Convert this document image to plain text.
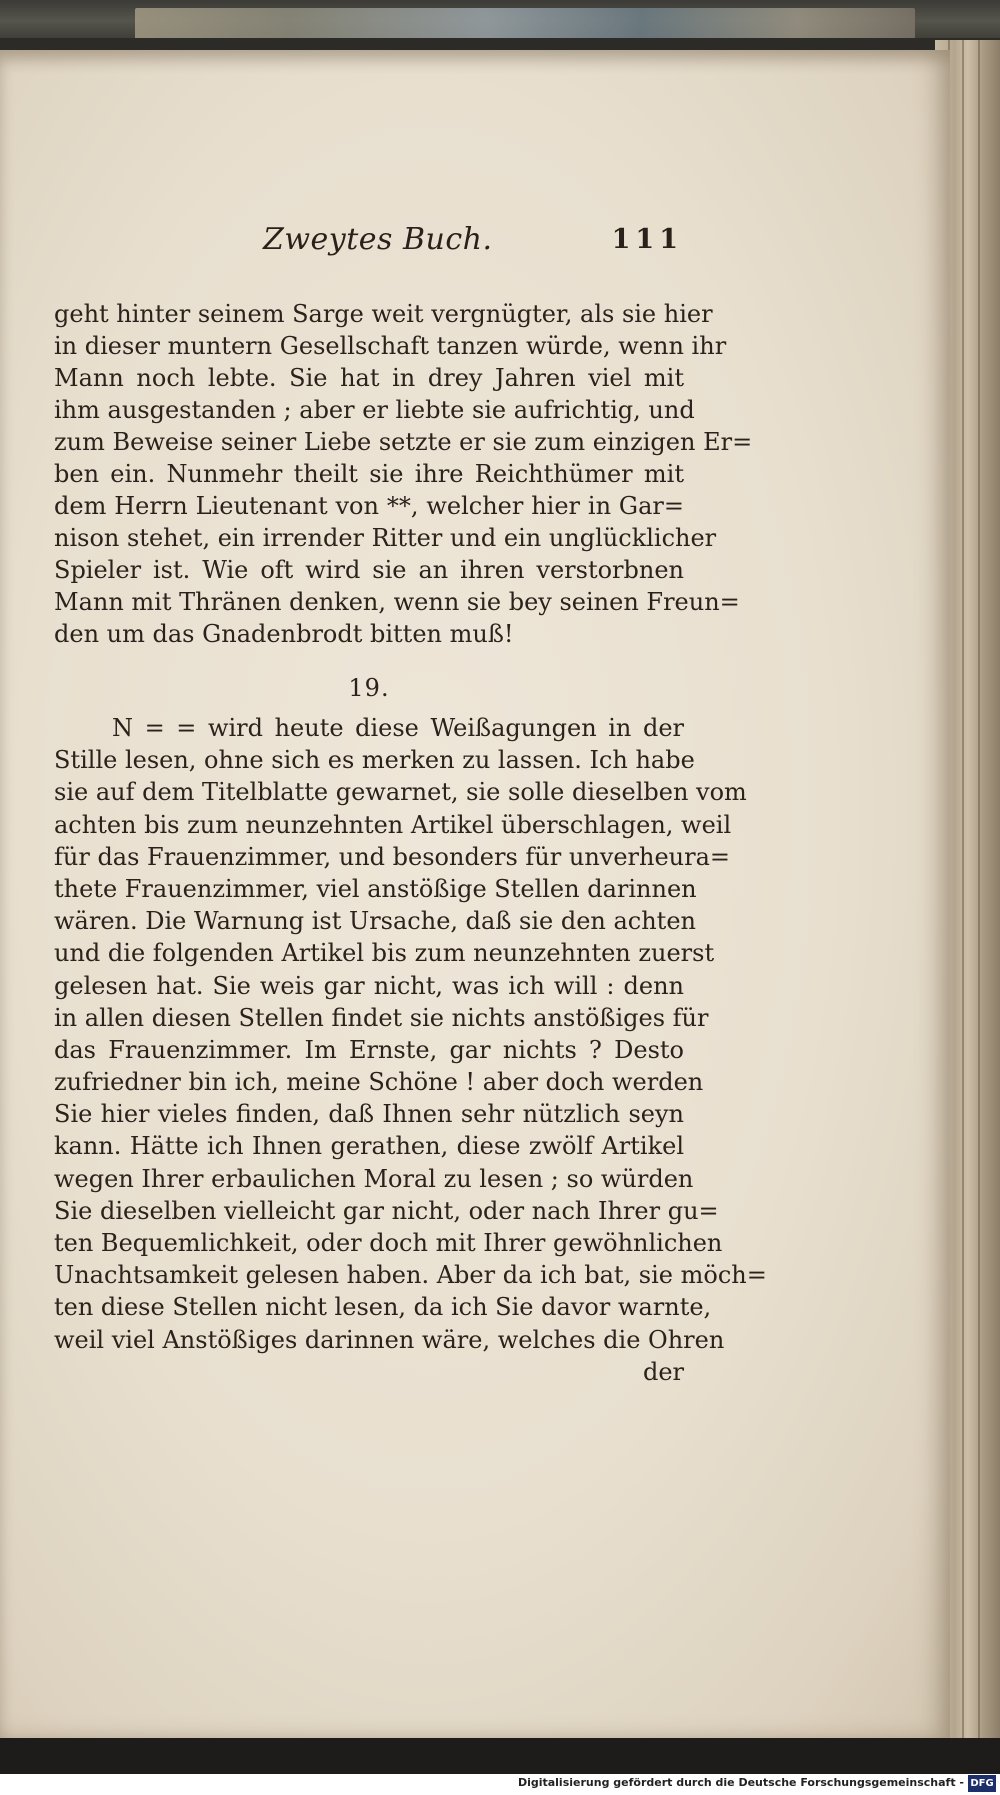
Zweytes Buch.	111
geht hinter seinem Sarge weit vergnügter, als sie hier
in dieser muntern Gesellschaft tanzen würde, wenn ihr
Mann noch lebte. Sie hat in drey Jahren viel mit
ihm ausgestanden ; aber er liebte sie aufrichtig, und
zum Beweise seiner Liebe setzte er sie zum einzigen Er=
ben ein. Nunmehr theilt sie ihre Reichthümer mit
dem Herrn Lieutenant von **, welcher hier in Gar=
nison stehet, ein irrender Ritter und ein unglücklicher
Spieler ist. Wie oft wird sie an ihren verstorbnen
Mann mit Thränen denken, wenn sie bey seinen Freun=
den um das Gnadenbrodt bitten muß!
19.
N = = wird heute diese Weißagungen in der
Stille lesen, ohne sich es merken zu lassen. Ich habe
sie auf dem Titelblatte gewarnet, sie solle dieselben vom
achten bis zum neunzehnten Artikel überschlagen, weil
für das Frauenzimmer, und besonders für unverheura=
thete Frauenzimmer, viel anstößige Stellen darinnen
wären. Die Warnung ist Ursache, daß sie den achten
und die folgenden Artikel bis zum neunzehnten zuerst
gelesen hat. Sie weis gar nicht, was ich will : denn
in allen diesen Stellen findet sie nichts anstößiges für
das Frauenzimmer. Im Ernste, gar nichts ? Desto
zufriedner bin ich, meine Schöne ! aber doch werden
Sie hier vieles finden, daß Ihnen sehr nützlich seyn
kann. Hätte ich Ihnen gerathen, diese zwölf Artikel
wegen Ihrer erbaulichen Moral zu lesen ; so würden
Sie dieselben vielleicht gar nicht, oder nach Ihrer gu=
ten Bequemlichkeit, oder doch mit Ihrer gewöhnlichen
Unachtsamkeit gelesen haben. Aber da ich bat, sie möch=
ten diese Stellen nicht lesen, da ich Sie davor warnte,
weil viel Anstößiges darinnen wäre, welches die Ohren
der
Digitalisierung gefördert durch die Deutsche Forschungsgemeinschaft - DFG
